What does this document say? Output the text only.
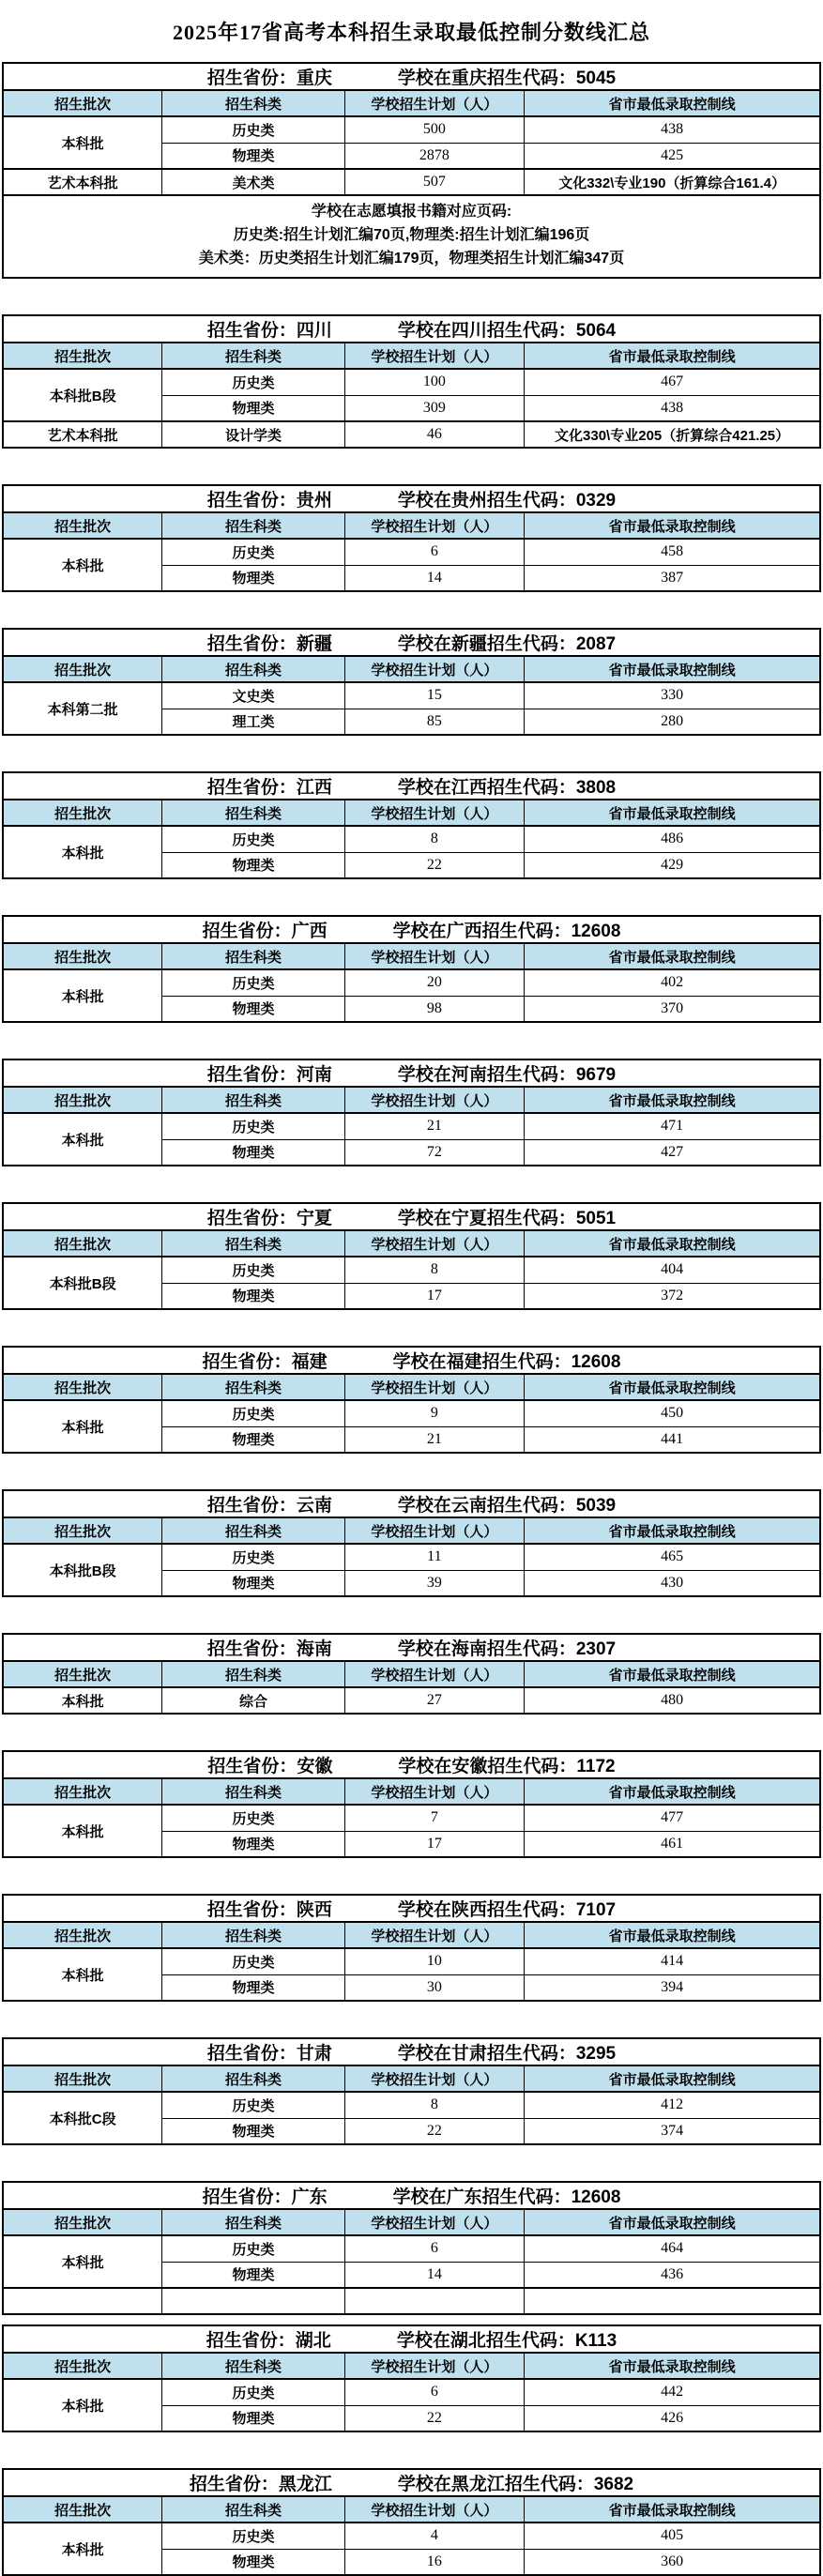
2025年17省高考本科招生录取最低控制分数线汇总
招生省份：重庆 学校在重庆招生代码：5045			

招生批次	招生科类	学校招生计划（人）	省市最低录取控制线
本科批	历史类	500	438
	物理类	2878	425
艺术本科批	美术类	507	文化332\专业190（折算综合161.4）

学校在志愿填报书籍对应页码:
历史类:招生计划汇编70页,物理类:招生计划汇编196页
美术类：历史类招生计划汇编179页，物理类招生计划汇编347页			
招生省份：四川 学校在四川招生代码：5064			

招生批次	招生科类	学校招生计划（人）	省市最低录取控制线
本科批B段	历史类	100	467
	物理类	309	438
艺术本科批	设计学类	46	文化330\专业205（折算综合421.25）
招生省份：贵州 学校在贵州招生代码：0329			

招生批次	招生科类	学校招生计划（人）	省市最低录取控制线
本科批	历史类	6	458
	物理类	14	387
招生省份：新疆 学校在新疆招生代码：2087			

招生批次	招生科类	学校招生计划（人）	省市最低录取控制线
本科第二批	文史类	15	330
	理工类	85	280
招生省份：江西 学校在江西招生代码：3808			

招生批次	招生科类	学校招生计划（人）	省市最低录取控制线
本科批	历史类	8	486
	物理类	22	429
招生省份：广西 学校在广西招生代码：12608			

招生批次	招生科类	学校招生计划（人）	省市最低录取控制线
本科批	历史类	20	402
	物理类	98	370
招生省份：河南 学校在河南招生代码：9679			

招生批次	招生科类	学校招生计划（人）	省市最低录取控制线
本科批	历史类	21	471
	物理类	72	427
招生省份：宁夏 学校在宁夏招生代码：5051			

招生批次	招生科类	学校招生计划（人）	省市最低录取控制线
本科批B段	历史类	8	404
	物理类	17	372
招生省份：福建 学校在福建招生代码：12608			

招生批次	招生科类	学校招生计划（人）	省市最低录取控制线
本科批	历史类	9	450
	物理类	21	441
招生省份：云南 学校在云南招生代码：5039			

招生批次	招生科类	学校招生计划（人）	省市最低录取控制线
本科批B段	历史类	11	465
	物理类	39	430
招生省份：海南 学校在海南招生代码：2307			

招生批次	招生科类	学校招生计划（人）	省市最低录取控制线
本科批	综合	27	480
招生省份：安徽 学校在安徽招生代码：1172			

招生批次	招生科类	学校招生计划（人）	省市最低录取控制线
本科批	历史类	7	477
	物理类	17	461
招生省份：陕西 学校在陕西招生代码：7107			

招生批次	招生科类	学校招生计划（人）	省市最低录取控制线
本科批	历史类	10	414
	物理类	30	394
招生省份：甘肃 学校在甘肃招生代码：3295			

招生批次	招生科类	学校招生计划（人）	省市最低录取控制线
本科批C段	历史类	8	412
	物理类	22	374
招生省份：广东 学校在广东招生代码：12608			

招生批次	招生科类	学校招生计划（人）	省市最低录取控制线
本科批	历史类	6	464
	物理类	14	436

招生省份：湖北 学校在湖北招生代码：K113			

招生批次	招生科类	学校招生计划（人）	省市最低录取控制线
本科批	历史类	6	442
	物理类	22	426
招生省份：黑龙江 学校在黑龙江招生代码：3682			

招生批次	招生科类	学校招生计划（人）	省市最低录取控制线
本科批	历史类	4	405
	物理类	16	360
